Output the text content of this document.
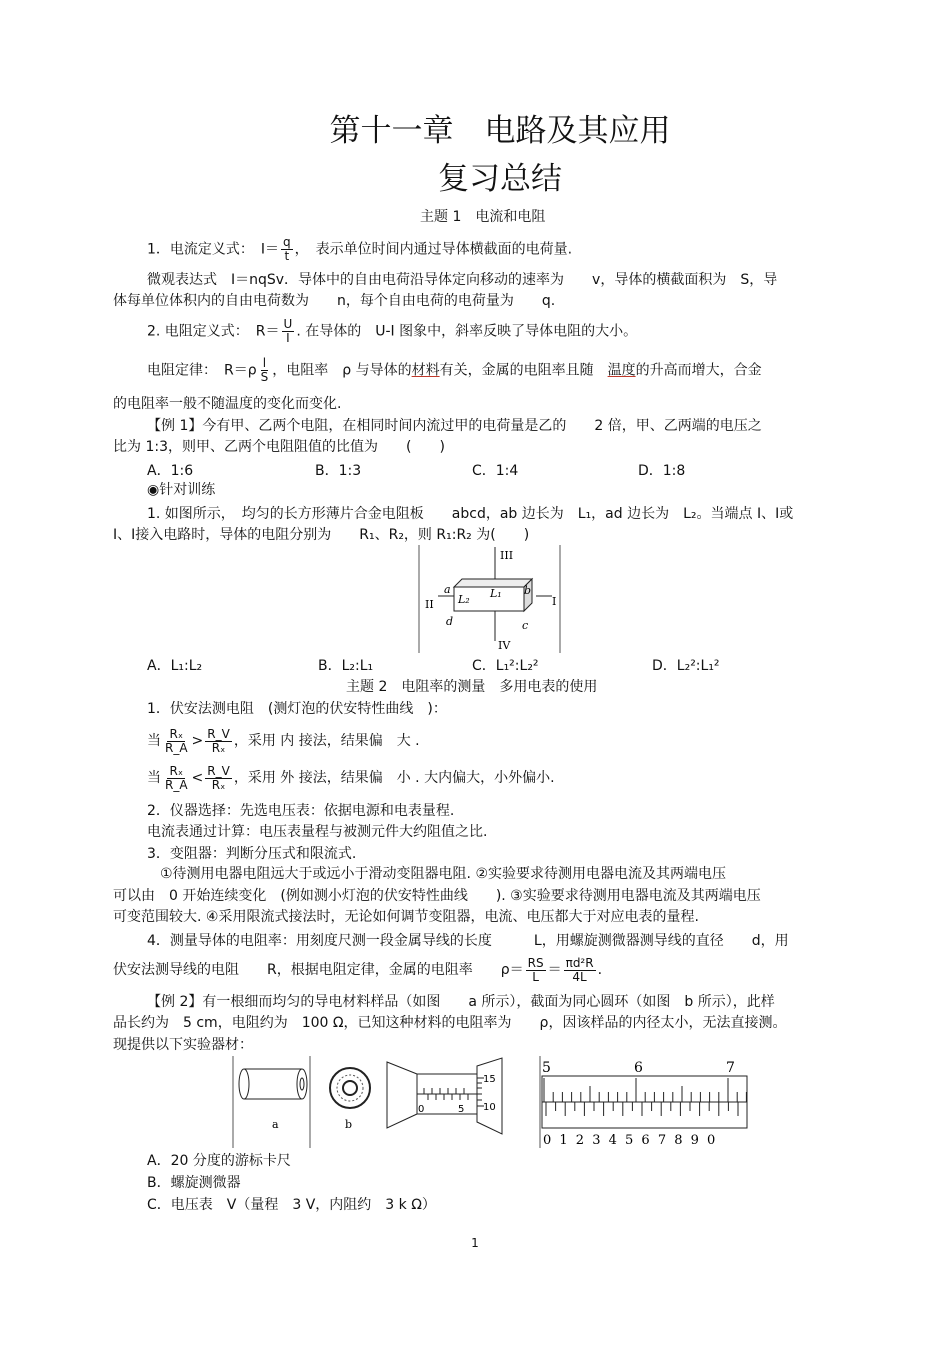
第十一章　电路及其应用
复习总结
主题 1　电流和电阻
1．电流定义式：　$I= \frac{q}{t}$ ，　表示单位时间内通过导体横截面的电荷量.
微观表达式　I＝nqSv．导体中的自由电荷沿导体定向移动的速率为　　v，导体的横截面积为　S，导
体每单位体积内的自由电荷数为　　n，每个自由电荷的电荷量为　　q.
2. 电阻定义式：　$R= \frac{U}{I}$ . 在导体的　U-I 图象中，斜率反映了导体电阻的大小。
电阻定律：　$R=\rho \frac{l}{S}$ ，电阻率　ρ 与导体的材料有关，金属的电阻率且随　温度的升高而增大，合金
的电阻率一般不随温度的变化而变化.
【例 1】今有甲、乙两个电阻，在相同时间内流过甲的电荷量是乙的　　2 倍，甲、乙两端的电压之
比为 1:3，则甲、乙两个电阻阻值的比值为　　(　　)
A．1:6	B．1:3	C．1:4	D．1:8
◉针对训练
1. 如图所示，　均匀的长方形薄片合金电阻板　　abcd，ab 边长为　L₁，ad 边长为　L₂。当端点 Ⅰ、Ⅰ或
Ⅰ、Ⅰ接入电路时，导体的电阻分别为　　R₁、R₂，则 R₁:R₂ 为(　　)
III
IV
II	I
a	b
c
d
L₁
L₂
A．L₁:L₂	B．L₂:L₁	C．L₁²:L₂²	D．L₂²:L₁²
主题 2　电阻率的测量　多用电表的使用
1．伏安法测电阻　(测灯泡的伏安特性曲线　)：
当 $\frac{\text{Rₓ}}{R\_A} > \frac{R\_V}{\text{Rₓ}}$ ，采用 内 接法，结果偏　大 .
当 $\frac{\text{Rₓ}}{R\_A} < \frac{R\_V}{\text{Rₓ}}$ ，采用 外 接法，结果偏　小 . 大内偏大，小外偏小.
2．仪器选择：先选电压表：依据电源和电表量程.
电流表通过计算：电压表量程与被测元件大约阻值之比.
3．变阻器：判断分压式和限流式.
①待测用电器电阻远大于或远小于滑动变阻器电阻. ②实验要求待测用电器电流及其两端电压
可以由　0 开始连续变化　(例如测小灯泡的伏安特性曲线　　). ③实验要求待测用电器电流及其两端电压
可变范围较大. ④采用限流式接法时，无论如何调节变阻器，电流、电压都大于对应电表的量程.
4．测量导体的电阻率：用刻度尺测一段金属导线的长度　　　L，用螺旋测微器测导线的直径　　d，用
伏安法测导线的电阻　　R，根据电阻定律，金属的电阻率　　$\rho= \frac{RS}{L} = \frac{\text{πd²R}}{4L}$ .
【例 2】有一根细而均匀的导电材料样品（如图　　a 所示），截面为同心圆环（如图　b 所示），此样
品长约为　5 cm，电阻约为　100 Ω，已知这种材料的电阻率为　　ρ，因该样品的内径太小，无法直接测。
现提供以下实验器材：
a	b
0	5
15
10
5	6	7
0 1 2 3 4 5 6 7 8 9 0
A．20 分度的游标卡尺
B．螺旋测微器
C．电压表　V（量程　3 V，内阻约　3 k Ω）
1
